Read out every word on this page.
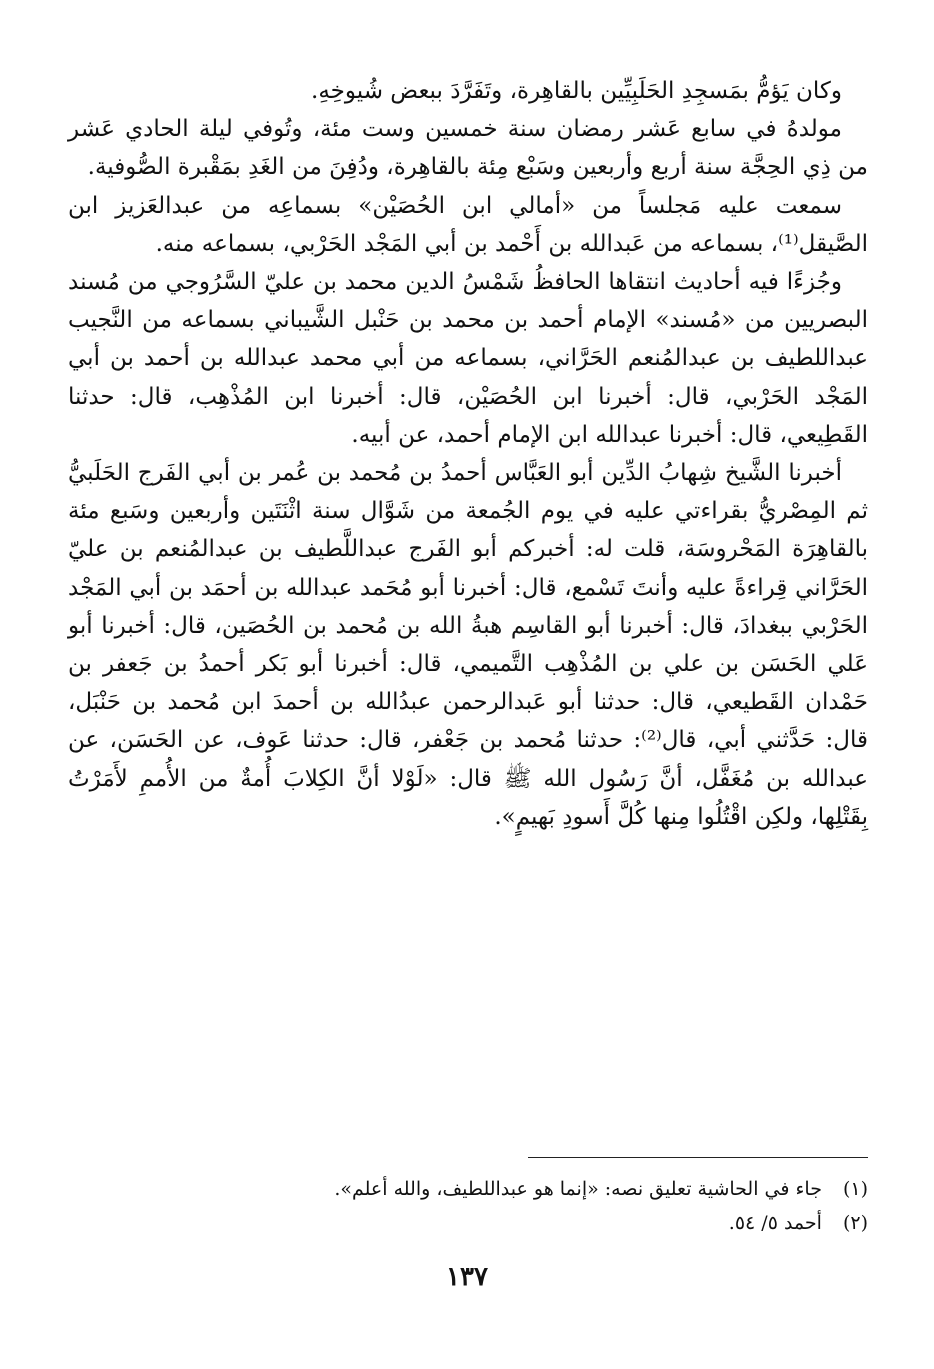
وكان يَؤمُّ بمَسجِدِ الحَلَبِيِّين بالقاهِرة، وتَفَرَّدَ ببعض شُيوخِهِ.

مولدهُ في سابع عَشر رمضان سنة خمسين وست مئة، وتُوفي ليلة الحادي عَشر من ذِي الحِجَّة سنة أربع وأربعين وسَبْع مِئة بالقاهِرة، ودُفِنَ من الغَدِ بمَقْبرة الصُّوفية.

سمعت عليه مَجلساً من «أمالي ابن الحُصَيْن» بسماعِه من عبدالعَزيز ابن الصَّيقل⁽¹⁾، بسماعه من عَبدالله بن أَحْمد بن أبي المَجْد الحَرْبي، بسماعه منه.

وجُزءًا فيه أحاديث انتقاها الحافظُ شَمْسُ الدين محمد بن عليّ السَّرُوجي من مُسند البصريين من «مُسند» الإمام أحمد بن محمد بن حَنْبل الشَّيباني بسماعه من النَّجيب عبداللطيف بن عبدالمُنعم الحَرَّاني، بسماعه من أبي محمد عبدالله بن أحمد بن أبي المَجْد الحَرْبي، قال: أخبرنا ابن الحُصَيْن، قال: أخبرنا ابن المُذْهِب، قال: حدثنا القَطِيعي، قال: أخبرنا عبدالله ابن الإمام أحمد، عن أبيه.

أخبرنا الشَّيخ شِهابُ الدِّين أبو العَبَّاس أحمدُ بن مُحمد بن عُمر بن أبي الفَرج الحَلَبيُّ ثم المِصْريُّ بقراءتي عليه في يوم الجُمعة من شَوَّال سنة اثْنَتَين وأربعين وسَبع مئة بالقاهِرَة المَحْروسَة، قلت له: أخبركم أبو الفَرج عبداللَّطيف بن عبدالمُنعم بن عليّ الحَرَّاني قِراءةً عليه وأنتَ تَسْمع، قال: أخبرنا أبو مُحَمد عبدالله بن أحمَد بن أبي المَجْد الحَرْبي ببغدادَ، قال: أخبرنا أبو القاسِم هبةُ الله بن مُحمد بن الحُصَين، قال: أخبرنا أبو عَلي الحَسَن بن علي بن المُذْهِب التَّميمي، قال: أخبرنا أبو بَكر أحمدُ بن جَعفر بن حَمْدان القَطيعي، قال: حدثنا أبو عَبدالرحمن عبدُالله بن أحمدَ ابن مُحمد بن حَنْبَل، قال: حَدَّثني أبي، قال⁽²⁾: حدثنا مُحمد بن جَعْفر، قال: حدثنا عَوف، عن الحَسَن، عن عبدالله بن مُغَفَّل، أنَّ رَسُول الله ﷺ قال: «لَوْلا أنَّ الكِلابَ أُمةٌ من الأُممِ لأَمَرْتُ بِقَتْلِها، ولكِن اقْتُلُوا مِنها كُلَّ أَسودِ بَهيمٍ».

(١) جاء في الحاشية تعليق نصه: «إنما هو عبداللطيف، والله أعلم».

(٢) أحمد ٥/ ٥٤.

١٣٧
